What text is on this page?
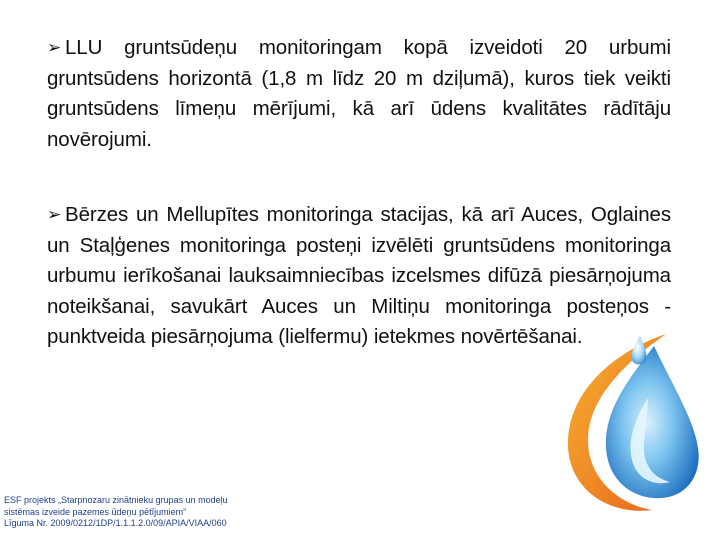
➢ LLU gruntsūdeņu monitoringam kopā izveidoti 20 urbumi gruntsūdens horizontā (1,8 m līdz 20 m dziļumā), kuros tiek veikti gruntsūdens līmeņu mērījumi, kā arī ūdens kvalitātes rādītāju novērojumi.

➢ Bērzes un Mellupītes monitoringa stacijas, kā arī Auces, Oglaines un Staļģenes monitoringa posteņi izvēlēti gruntsūdens monitoringa urbumu ierīkošanai lauksaimniecības izcelsmes difūzā piesārņojuma noteikšanai, savukārt Auces un Miltiņu monitoringa posteņos - punktveida piesārņojuma (lielfermu) ietekmes novērtēšanai.

ESF projekts „Starpnozaru zinātnieku grupas un modeļu
sistēmas izveide pazemes ūdeņu pētījumiem”
Līguma Nr. 2009/0212/1DP/1.1.1.2.0/09/APIA/VIAA/060
